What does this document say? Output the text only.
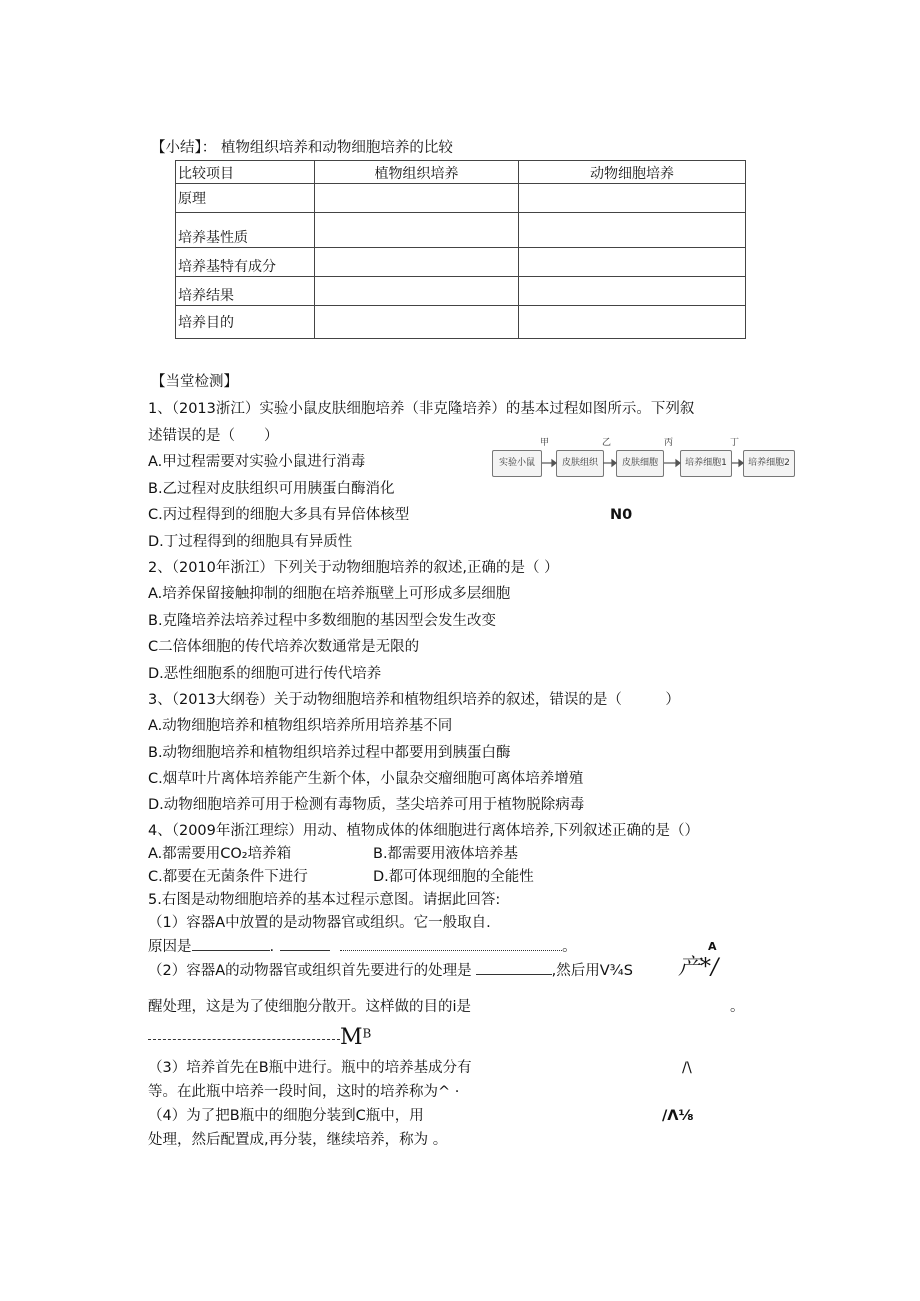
【小结】： 植物组织培养和动物细胞培养的比较
比较项目	植物组织培养	动物细胞培养
原理		
培养基性质		
培养基特有成分		
培养结果		
培养目的		
【当堂检测】
1、（2013浙江）实验小鼠皮肤细胞培养（非克隆培养）的基本过程如图所示。下列叙
述错误的是（　　）
A.甲过程需要对实验小鼠进行消毒
B.乙过程对皮肤组织可用胰蛋白酶消化
C.丙过程得到的细胞大多具有异倍体核型
D.丁过程得到的细胞具有异质性
N0
实验小鼠	皮肤组织	皮肤细胞	培养细胞1	培养细胞2
甲	乙	丙	丁
2、（2010年浙江）下列关于动物细胞培养的叙述,正确的是（ ）
A.培养保留接触抑制的细胞在培养瓶壁上可形成多层细胞
B.克隆培养法培养过程中多数细胞的基因型会发生改变
C二倍体细胞的传代培养次数通常是无限的
D.恶性细胞系的细胞可进行传代培养
3、（2013大纲卷）关于动物细胞培养和植物组织培养的叙述，错误的是（　　　）
A.动物细胞培养和植物组织培养所用培养基不同
B.动物细胞培养和植物组织培养过程中都要用到胰蛋白酶
C.烟草叶片离体培养能产生新个体，小鼠杂交瘤细胞可离体培养增殖
D.动物细胞培养可用于检测有毒物质，茎尖培养可用于植物脱除病毒
4、（2009年浙江理综）用动、植物成体的体细胞进行离体培养,下列叙述正确的是（）
A.都需要用CO₂培养箱	B.都需要用液体培养基
C.都要在无菌条件下进行	D.都可体现细胞的全能性
5.右图是动物细胞培养的基本过程示意图。请据此回答:
（1）容器A中放置的是动物器官或组织。它一般取自.
原因是	.	。	A
（2）容器A的动物器官或组织首先要进行的处理是	,然后用V¾S 产*/
醒处理，这是为了使细胞分散开。这样做的目的i是	。
$M^B$
（3）培养首先在B瓶中进行。瓶中的培养基成分有	/\
等。在此瓶中培养一段时间，这时的培养称为^ ·
（4）为了把B瓶中的细胞分装到C瓶中，用	/Λ⅛
处理，然后配置成,再分装，继续培养，称为 。
